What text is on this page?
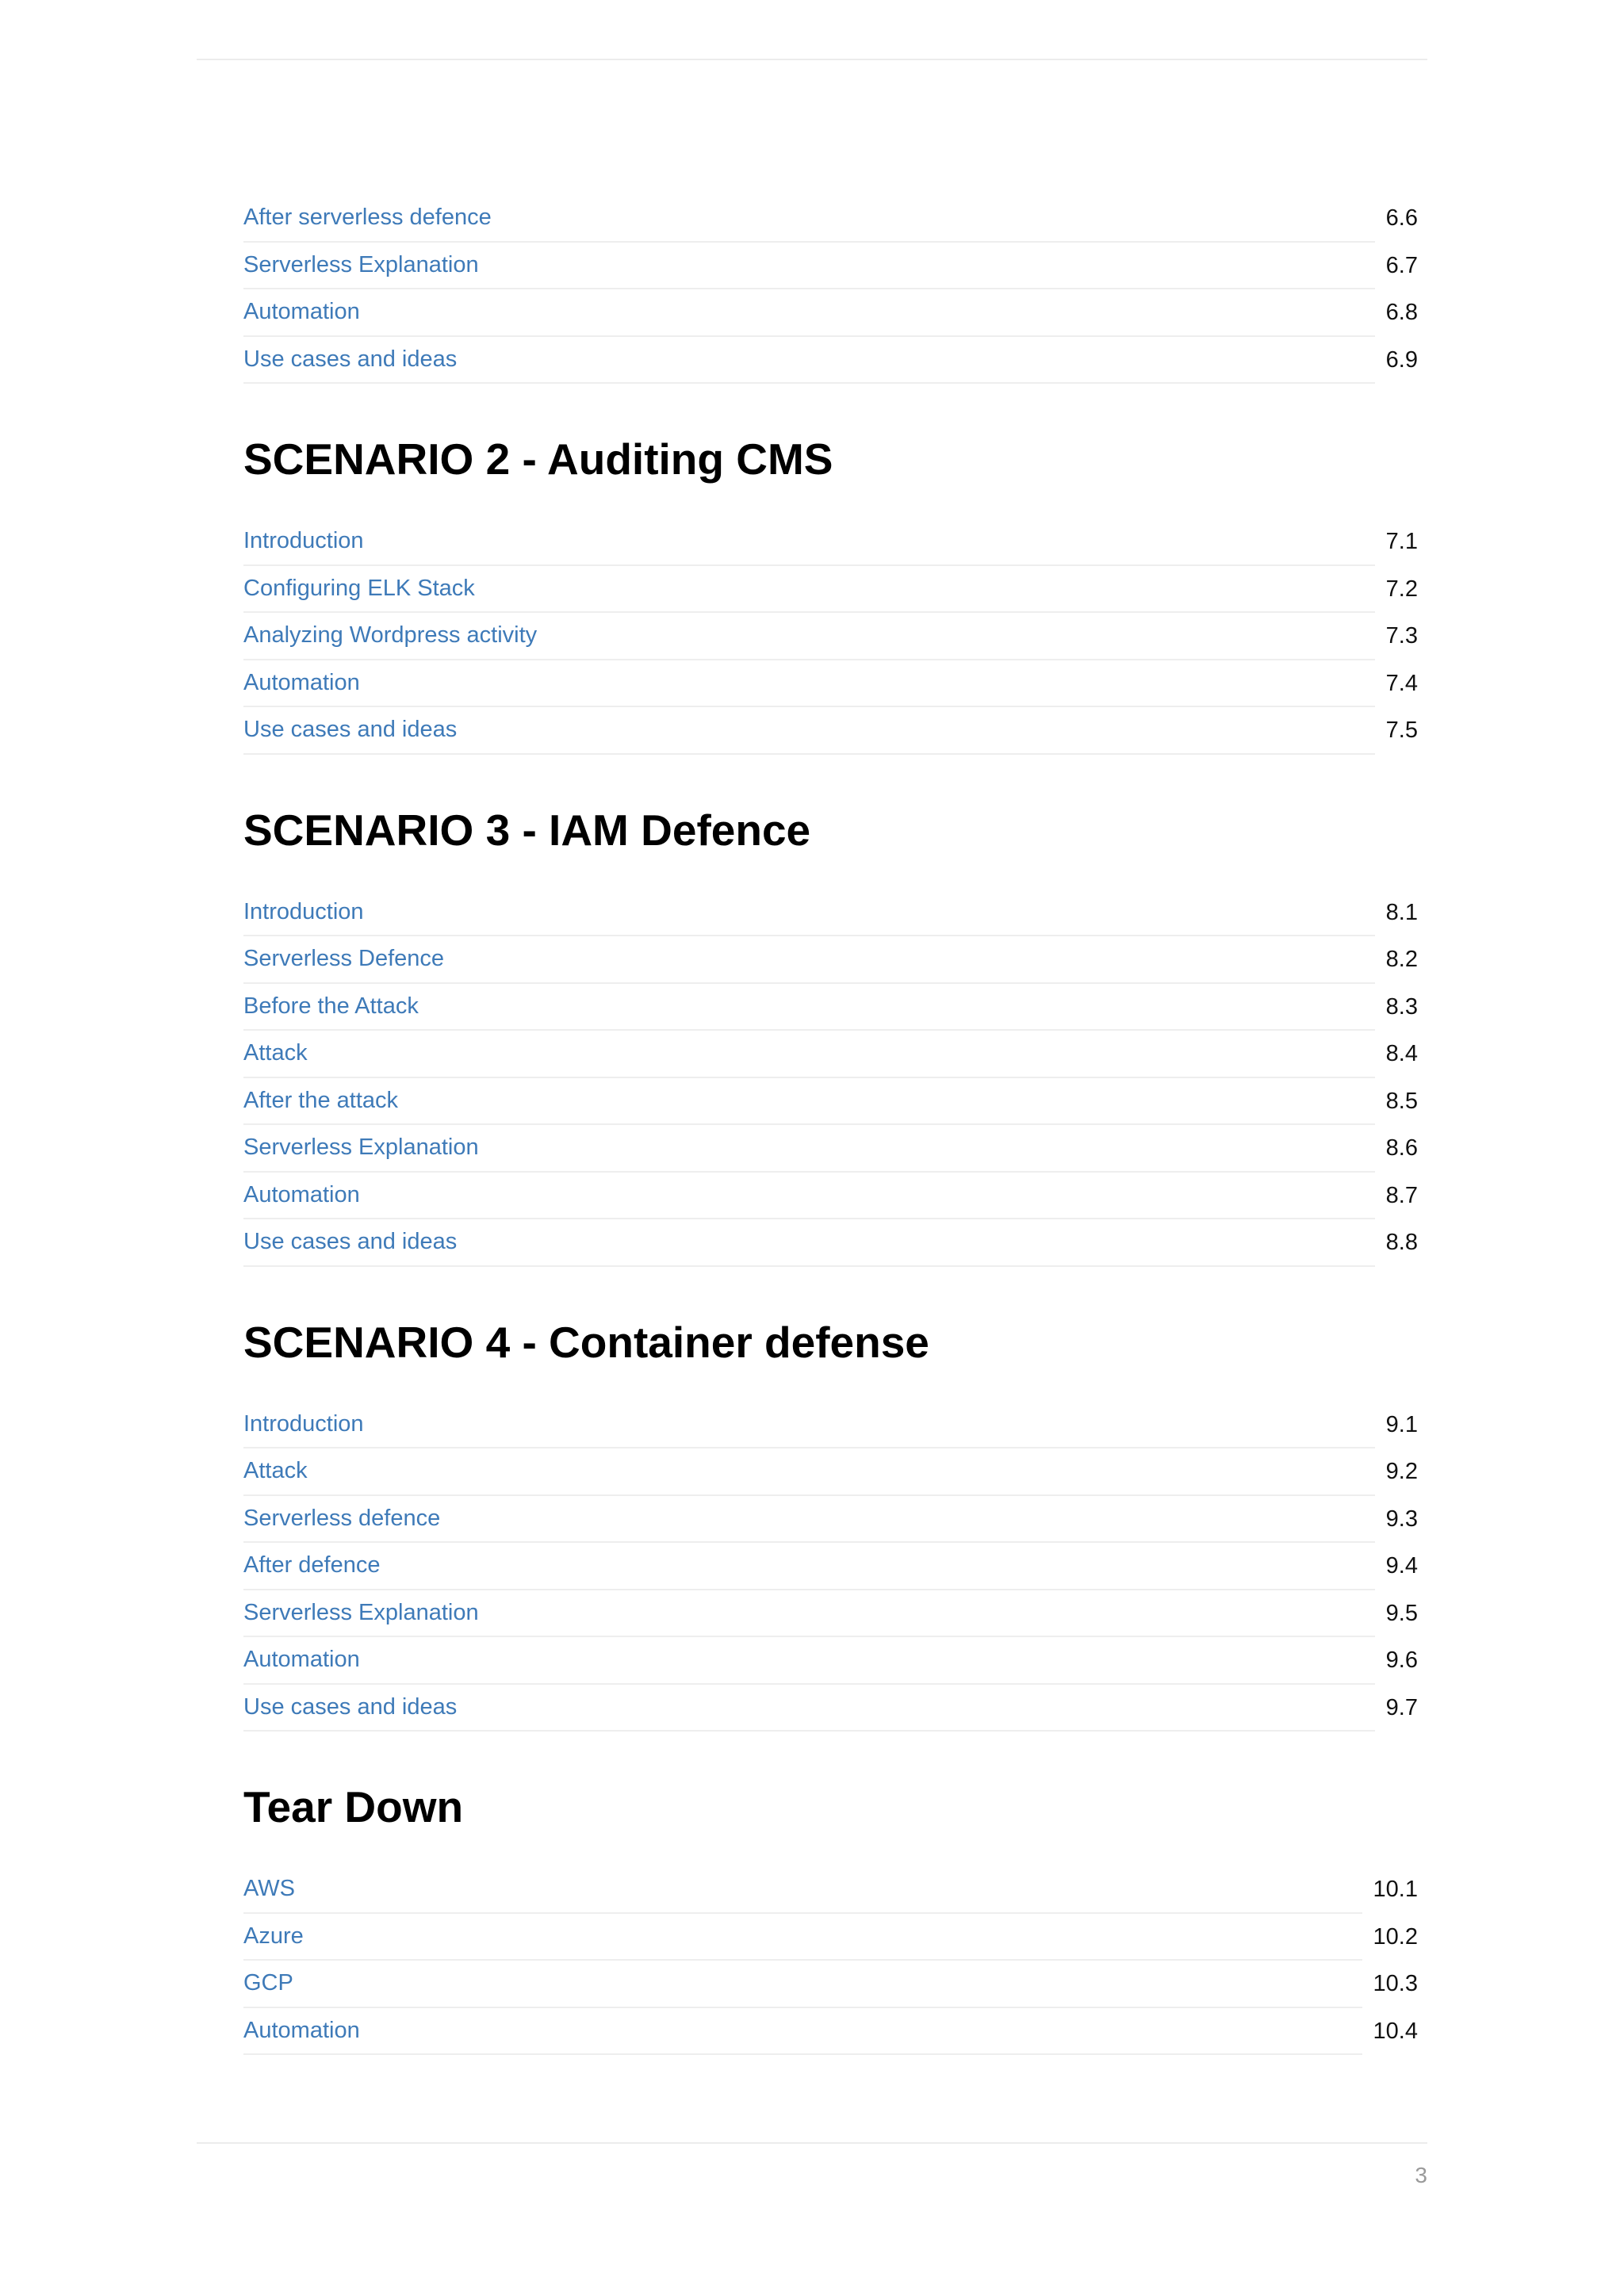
After serverless defence	6.6
Serverless Explanation	6.7
Automation	6.8
Use cases and ideas	6.9
SCENARIO 2 - Auditing CMS
Introduction	7.1
Configuring ELK Stack	7.2
Analyzing Wordpress activity	7.3
Automation	7.4
Use cases and ideas	7.5
SCENARIO 3 - IAM Defence
Introduction	8.1
Serverless Defence	8.2
Before the Attack	8.3
Attack	8.4
After the attack	8.5
Serverless Explanation	8.6
Automation	8.7
Use cases and ideas	8.8
SCENARIO 4 - Container defense
Introduction	9.1
Attack	9.2
Serverless defence	9.3
After defence	9.4
Serverless Explanation	9.5
Automation	9.6
Use cases and ideas	9.7
Tear Down
AWS	10.1
Azure	10.2
GCP	10.3
Automation	10.4
3
